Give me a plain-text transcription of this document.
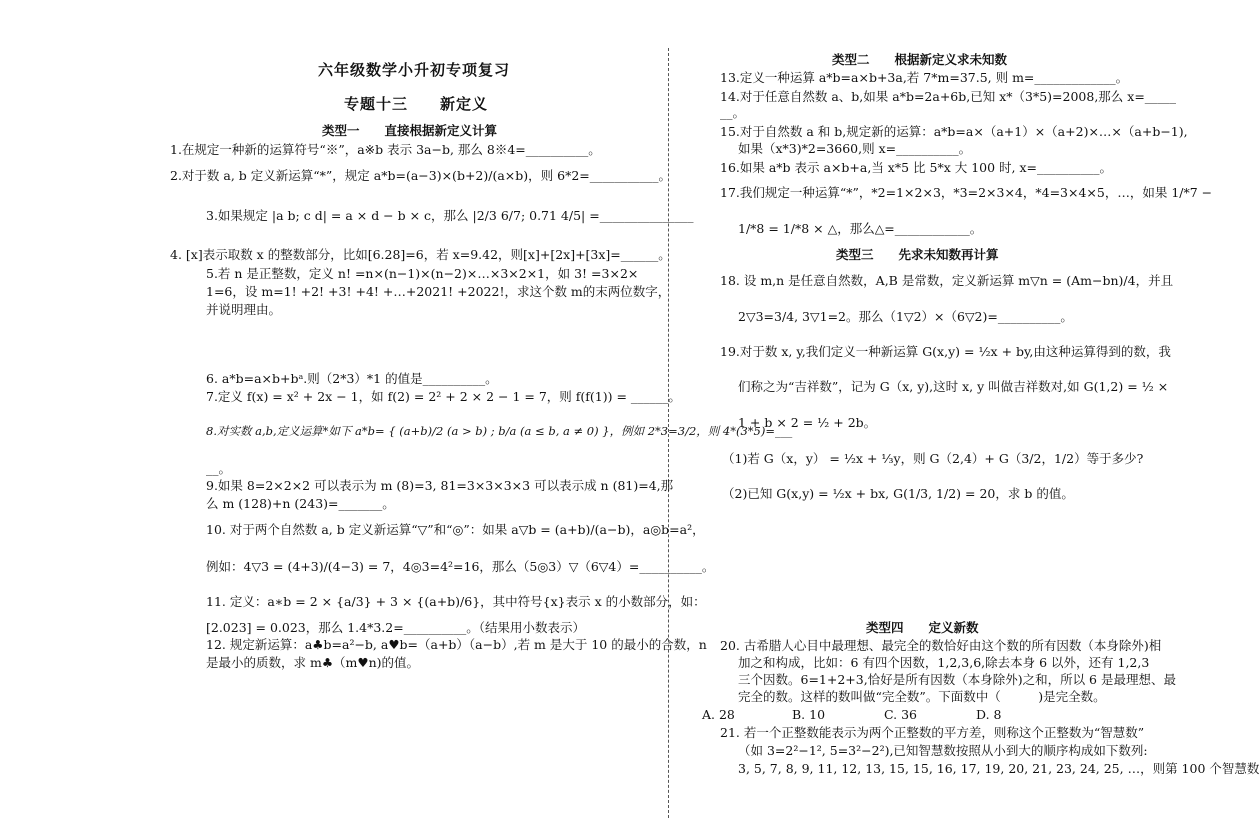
六年级数学小升初专项复习
专题十三　　新定义
类型一　　直接根据新定义计算
1.在规定一种新的运算符号“※”，a※b 表示 3a−b, 那么 8※4=__________。
2.对于数 a, b 定义新运算“*”，规定 a*b=(a−3)×(b+2)/(a×b)，则 6*2=___________。
3.如果规定 |a b; c d| = a × d − b × c，那么 |2/3 6/7; 0.71 4/5| =_______________
4. [x]表示取数 x 的整数部分，比如[6.28]=6，若 x=9.42，则[x]+[2x]+[3x]=______。
5.若 n 是正整数，定义 n! =n×(n−1)×(n−2)×…×3×2×1，如 3! =3×2×
1=6，设 m=1! +2! +3! +4! +…+2021! +2022!，求这个数 m的末两位数字，
并说明理由。
6. a*b=a×b+bᵃ.则（2*3）*1 的值是__________。
7.定义 f(x) = x² + 2x − 1，如 f(2) = 2² + 2 × 2 − 1 = 7，则 f(f(1)) = ______。
8.对实数 a,b,定义运算*如下 a*b= { (a+b)/2 (a > b) ; b/a (a ≤ b, a ≠ 0) }，例如 2*3=3/2，则 4*(3*5)=___
__。
9.如果 8=2×2×2 可以表示为 m (8)=3, 81=3×3×3×3 可以表示成 n (81)=4,那
么 m (128)+n (243)=_______。
10. 对于两个自然数 a, b 定义新运算“▽”和“◎”：如果 a▽b = (a+b)/(a−b)，a◎b=a²，
例如：4▽3 = (4+3)/(4−3) = 7，4◎3=4²=16，那么（5◎3）▽（6▽4）=__________。
11. 定义：a∗b = 2 × {a/3} + 3 × {(a+b)/6}，其中符号{x}表示 x 的小数部分，如：
[2.023] = 0.023，那么 1.4*3.2=__________。（结果用小数表示）
12. 规定新运算：a♣b=a²−b, a♥b=（a+b）（a−b）,若 m 是大于 10 的最小的合数，n
是最小的质数，求 m♣（m♥n)的值。
类型二　　根据新定义求未知数
13.定义一种运算 a*b=a×b+3a,若 7*m=37.5, 则 m=_____________。
14.对于任意自然数 a、b,如果 a*b=2a+6b,已知 x*（3*5)=2008,那么 x=_____
__。
15.对于自然数 a 和 b,规定新的运算：a*b=a×（a+1）×（a+2)×…×（a+b−1),
如果（x*3)*2=3660,则 x=__________。
16.如果 a*b 表示 a×b+a,当 x*5 比 5*x 大 100 时, x=__________。
17.我们规定一种运算“*”，*2=1×2×3，*3=2×3×4，*4=3×4×5，…，如果 1/*7 −
1/*8 = 1/*8 × △，那么△=____________。
类型三　　先求未知数再计算
18. 设 m,n 是任意自然数，A,B 是常数，定义新运算 m▽n = (Am−bn)/4，并且
2▽3=3/4, 3▽1=2。那么（1▽2）×（6▽2)=__________。
19.对于数 x, y,我们定义一种新运算 G(x,y) = ½x + by,由这种运算得到的数，我
们称之为“吉祥数”，记为 G（x, y),这时 x, y 叫做吉祥数对,如 G(1,2) = ½ ×
1 + b × 2 = ½ + 2b。
（1)若 G（x，y） = ½x + ⅓y，则 G（2,4）+ G（3/2，1/2）等于多少?
（2)已知 G(x,y) = ½x + bx, G(1/3, 1/2) = 20，求 b 的值。
类型四　　定义新数
20. 古希腊人心目中最理想、最完全的数恰好由这个数的所有因数（本身除外)相
加之和构成，比如：6 有四个因数，1,2,3,6,除去本身 6 以外，还有 1,2,3
三个因数。6=1+2+3,恰好是所有因数（本身除外)之和，所以 6 是最理想、最
完全的数。这样的数叫做“完全数”。下面数中（　　　)是完全数。
A. 28	B. 10	C. 36	D. 8
21. 若一个正整数能表示为两个正整数的平方差，则称这个正整数为“智慧数”
（如 3=2²−1², 5=3²−2²),已知智慧数按照从小到大的顺序构成如下数列:
3, 5, 7, 8, 9, 11, 12, 13, 15, 15, 16, 17, 19, 20, 21, 23, 24, 25, …，则第 100 个智慧数
